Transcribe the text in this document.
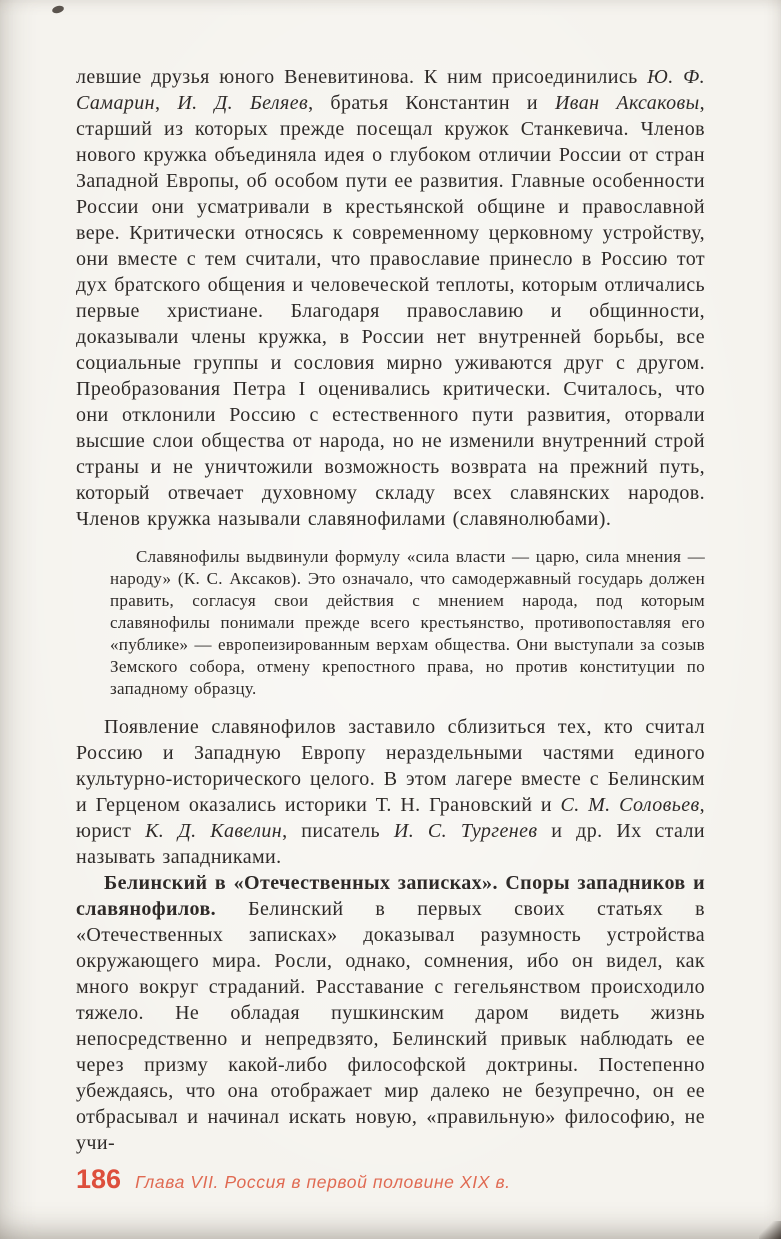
левшие друзья юного Веневитинова. К ним присоединились Ю. Ф. Самарин, И. Д. Беляев, братья Константин и Иван Аксаковы, старший из которых прежде посещал кружок Станкевича. Членов нового кружка объединяла идея о глубоком отличии России от стран Западной Европы, об особом пути ее развития. Главные особенности России они усматривали в крестьянской общине и православной вере. Критически относясь к современному церковному устройству, они вместе с тем считали, что православие принесло в Россию тот дух братского общения и человеческой теплоты, которым отличались первые христиане. Благодаря православию и общинности, доказывали члены кружка, в России нет внутренней борьбы, все социальные группы и сословия мирно уживаются друг с другом. Преобразования Петра I оценивались критически. Считалось, что они отклонили Россию с естественного пути развития, оторвали высшие слои общества от народа, но не изменили внутренний строй страны и не уничтожили возможность возврата на прежний путь, который отвечает духовному складу всех славянских народов. Членов кружка называли славянофилами (славянолюбами).

Славянофилы выдвинули формулу «сила власти — царю, сила мнения — народу» (К. С. Аксаков). Это означало, что самодержавный государь должен править, согласуя свои действия с мнением народа, под которым славянофилы понимали прежде всего крестьянство, противопоставляя его «публике» — европеизированным верхам общества. Они выступали за созыв Земского собора, отмену крепостного права, но против конституции по западному образцу.

Появление славянофилов заставило сблизиться тех, кто считал Россию и Западную Европу нераздельными частями единого культурно-исторического целого. В этом лагере вместе с Белинским и Герценом оказались историки Т. Н. Грановский и С. М. Соловьев, юрист К. Д. Кавелин, писатель И. С. Тургенев и др. Их стали называть западниками.

Белинский в «Отечественных записках». Споры западников и славянофилов. Белинский в первых своих статьях в «Отечественных записках» доказывал разумность устройства окружающего мира. Росли, однако, сомнения, ибо он видел, как много вокруг страданий. Расставание с гегельянством происходило тяжело. Не обладая пушкинским даром видеть жизнь непосредственно и непредвзято, Белинский привык наблюдать ее через призму какой-либо философской доктрины. Постепенно убеждаясь, что она отображает мир далеко не безупречно, он ее отбрасывал и начинал искать новую, «правильную» философию, не учи-

186 Глава VII. Россия в первой половине XIX в.
